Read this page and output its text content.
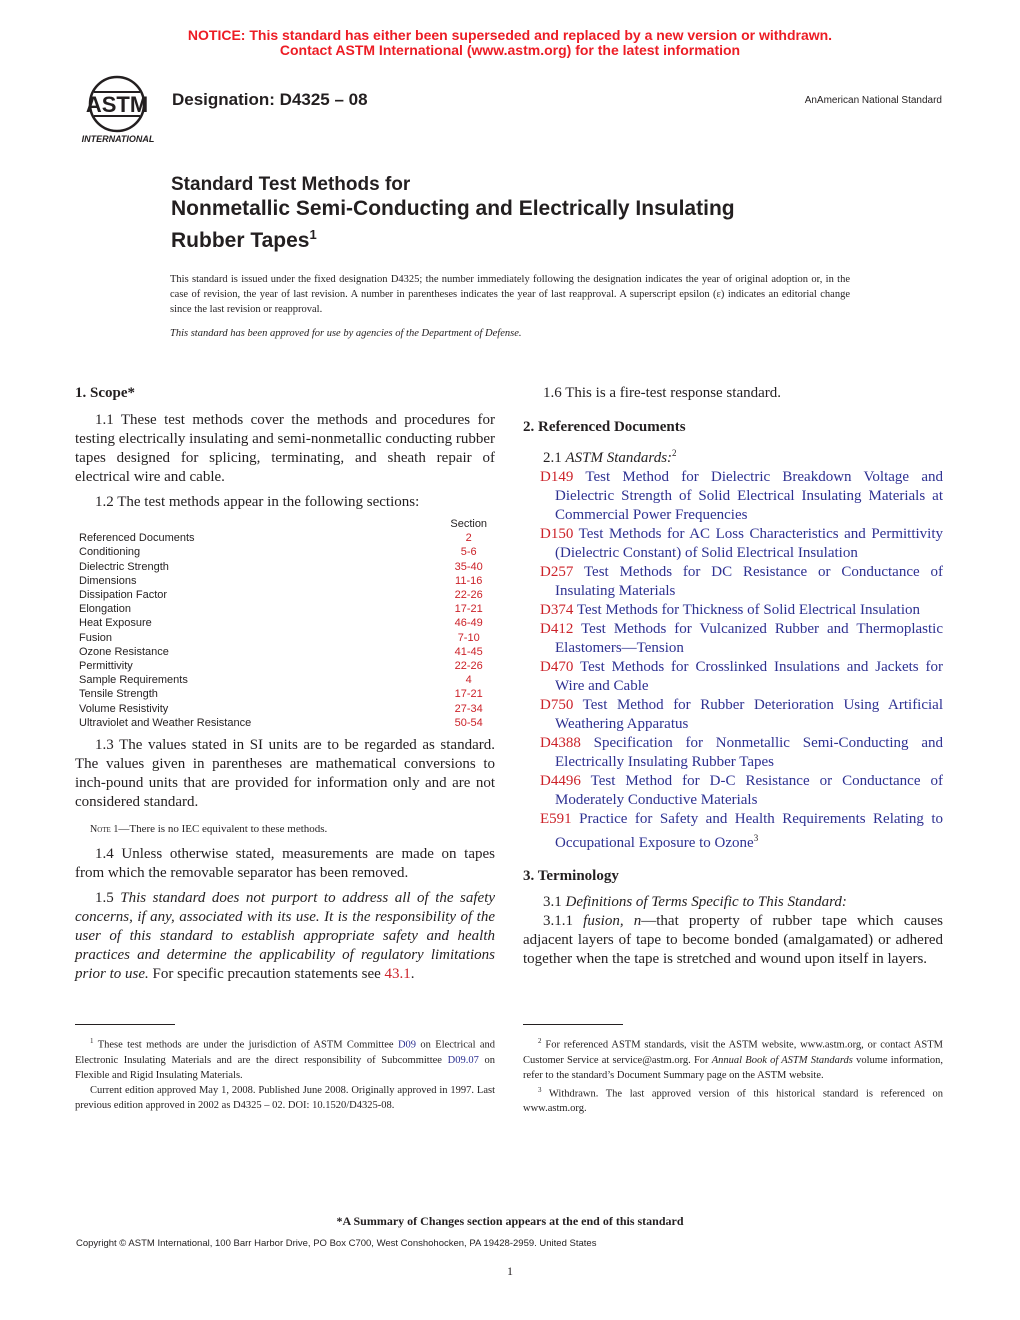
NOTICE: This standard has either been superseded and replaced by a new version or withdrawn.
Contact ASTM International (www.astm.org) for the latest information
ASTM
INTERNATIONAL
Designation: D4325 – 08	AnAmerican National Standard
Standard Test Methods for
Nonmetallic Semi-Conducting and Electrically Insulating
Rubber Tapes$^1$
This standard is issued under the fixed designation D4325; the number immediately following the designation indicates the year of original adoption or, in the case of revision, the year of last revision. A number in parentheses indicates the year of last reapproval. A superscript epsilon (ε) indicates an editorial change since the last revision or reapproval.
This standard has been approved for use by agencies of the Department of Defense.
1. Scope*

1.1 These test methods cover the methods and procedures for testing electrically insulating and semi-nonmetallic conducting rubber tapes designed for splicing, terminating, and sheath repair of electrical wire and cable.

1.2 The test methods appear in the following sections:

	Section
Referenced Documents	2
Conditioning	5-6
Dielectric Strength	35-40
Dimensions	11-16
Dissipation Factor	22-26
Elongation	17-21
Heat Exposure	46-49
Fusion	7-10
Ozone Resistance	41-45
Permittivity	22-26
Sample Requirements	4
Tensile Strength	17-21
Volume Resistivity	27-34
Ultraviolet and Weather Resistance	50-54

1.3 The values stated in SI units are to be regarded as standard. The values given in parentheses are mathematical conversions to inch-pound units that are provided for information only and are not considered standard.

Note 1—There is no IEC equivalent to these methods.

1.4 Unless otherwise stated, measurements are made on tapes from which the removable separator has been removed.

1.5 This standard does not purport to address all of the safety concerns, if any, associated with its use. It is the responsibility of the user of this standard to establish appropriate safety and health practices and determine the applicability of regulatory limitations prior to use. For specific precaution statements see 43.1.

1.6 This is a fire-test response standard.

2. Referenced Documents

2.1 ASTM Standards:$^2$

D149 Test Method for Dielectric Breakdown Voltage and Dielectric Strength of Solid Electrical Insulating Materials at Commercial Power Frequencies

D150 Test Methods for AC Loss Characteristics and Permittivity (Dielectric Constant) of Solid Electrical Insulation

D257 Test Methods for DC Resistance or Conductance of Insulating Materials

D374 Test Methods for Thickness of Solid Electrical Insulation

D412 Test Methods for Vulcanized Rubber and Thermoplastic Elastomers—Tension

D470 Test Methods for Crosslinked Insulations and Jackets for Wire and Cable

D750 Test Method for Rubber Deterioration Using Artificial Weathering Apparatus

D4388 Specification for Nonmetallic Semi-Conducting and Electrically Insulating Rubber Tapes

D4496 Test Method for D-C Resistance or Conductance of Moderately Conductive Materials

E591 Practice for Safety and Health Requirements Relating to Occupational Exposure to Ozone$^3$

3. Terminology

3.1 Definitions of Terms Specific to This Standard:

3.1.1 fusion, n—that property of rubber tape which causes adjacent layers of tape to become bonded (amalgamated) or adhered together when the tape is stretched and wound upon itself in layers.

$^1$ These test methods are under the jurisdiction of ASTM Committee D09 on Electrical and Electronic Insulating Materials and are the direct responsibility of Subcommittee D09.07 on Flexible and Rigid Insulating Materials.

Current edition approved May 1, 2008. Published June 2008. Originally approved in 1997. Last previous edition approved in 2002 as D4325 – 02. DOI: 10.1520/D4325-08.

$^2$ For referenced ASTM standards, visit the ASTM website, www.astm.org, or contact ASTM Customer Service at service@astm.org. For Annual Book of ASTM Standards volume information, refer to the standard’s Document Summary page on the ASTM website.

$^3$ Withdrawn. The last approved version of this historical standard is referenced on www.astm.org.

*A Summary of Changes section appears at the end of this standard
Copyright © ASTM International, 100 Barr Harbor Drive, PO Box C700, West Conshohocken, PA 19428-2959. United States
1
